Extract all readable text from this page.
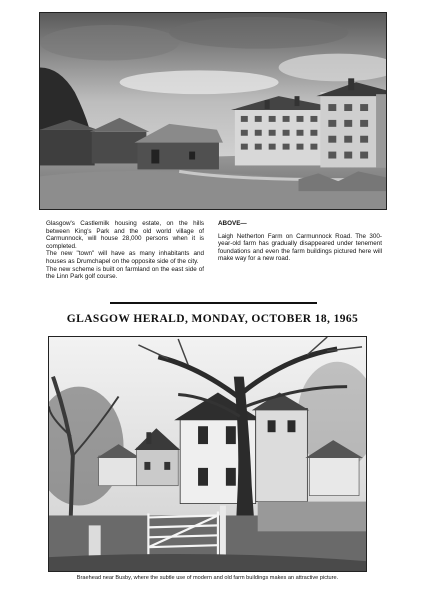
Glasgow's Castlemilk housing estate, on the hills between King's Park and the old world village of Carmunnock, will house 28,000 persons when it is completed.

The new "town" will have as many inhabitants and houses as Drumchapel on the opposite side of the city.

The new scheme is built on farmland on the east side of the Linn Park golf course.

ABOVE—

Laigh Netherton Farm on Carmunnock Road. The 300-year-old farm has gradually disappeared under tenement foundations and even the farm buildings pictured here will make way for a new road.

GLASGOW HERALD, MONDAY, OCTOBER 18, 1965
Braehead near Busby, where the subtle use of modern and old farm buildings makes an attractive picture.
